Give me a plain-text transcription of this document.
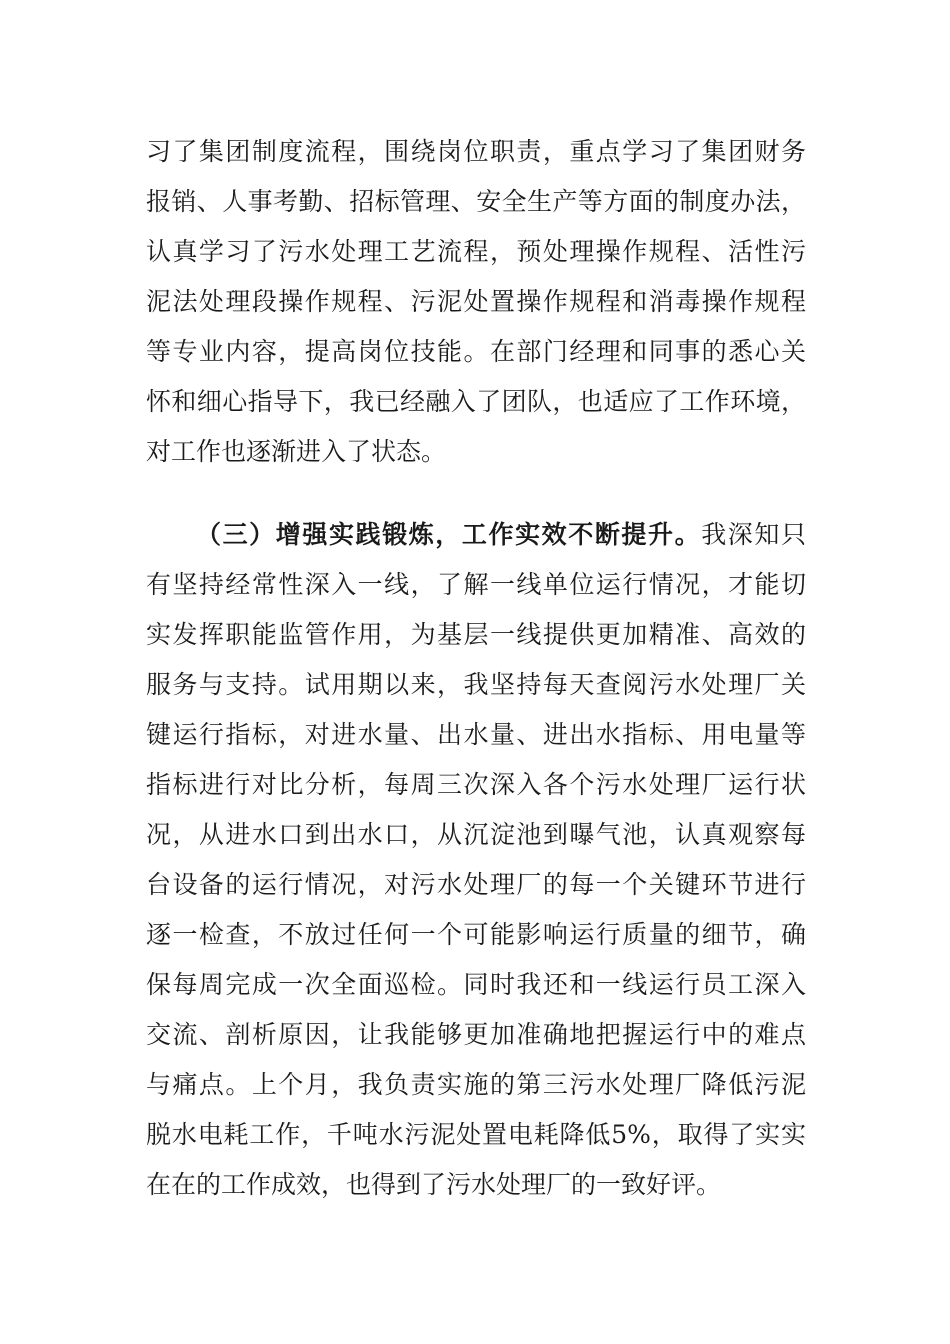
习了集团制度流程，围绕岗位职责，重点学习了集团财务
报销、人事考勤、招标管理、安全生产等方面的制度办法，
认真学习了污水处理工艺流程，预处理操作规程、活性污
泥法处理段操作规程、污泥处置操作规程和消毒操作规程
等专业内容，提高岗位技能。在部门经理和同事的悉心关
怀和细心指导下，我已经融入了团队，也适应了工作环境，
对工作也逐渐进入了状态。
（三）增强实践锻炼，工作实效不断提升。我深知只
有坚持经常性深入一线，了解一线单位运行情况，才能切
实发挥职能监管作用，为基层一线提供更加精准、高效的
服务与支持。试用期以来，我坚持每天查阅污水处理厂关
键运行指标，对进水量、出水量、进出水指标、用电量等
指标进行对比分析，每周三次深入各个污水处理厂运行状
况，从进水口到出水口，从沉淀池到曝气池，认真观察每
台设备的运行情况，对污水处理厂的每一个关键环节进行
逐一检查，不放过任何一个可能影响运行质量的细节，确
保每周完成一次全面巡检。同时我还和一线运行员工深入
交流、剖析原因，让我能够更加准确地把握运行中的难点
与痛点。上个月，我负责实施的第三污水处理厂降低污泥
脱水电耗工作，千吨水污泥处置电耗降低5%，取得了实实
在在的工作成效，也得到了污水处理厂的一致好评。
